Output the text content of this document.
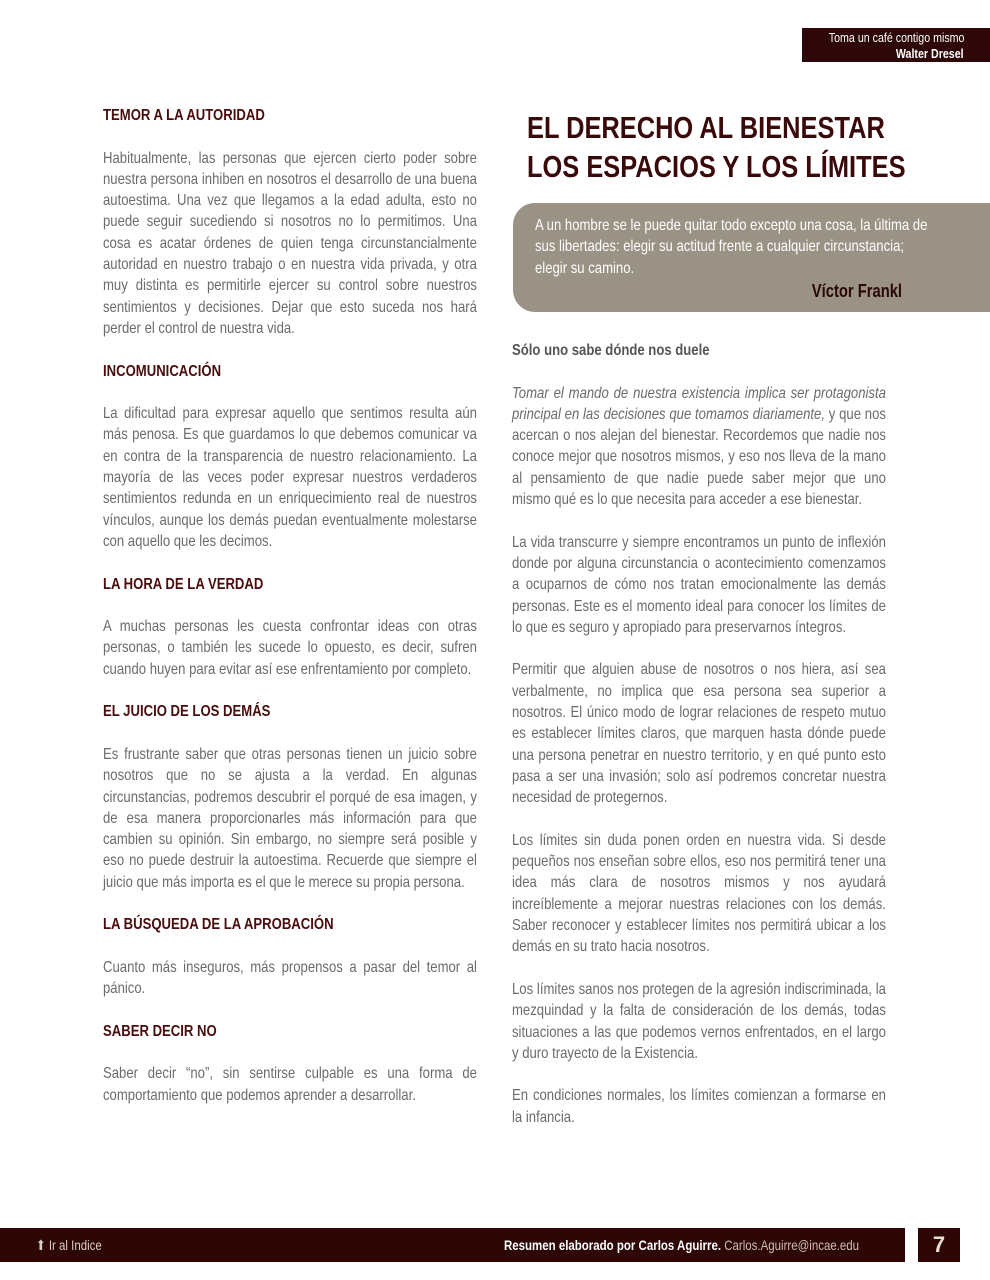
Toma un café contigo mismo
Walter Dresel
TEMOR A LA AUTORIDAD

Habitualmente, las personas que ejercen cierto poder sobre nuestra persona inhiben en nosotros el desarrollo de una buena autoestima. Una vez que llegamos a la edad adulta, esto no puede seguir sucediendo si nosotros no lo permitimos. Una cosa es acatar órdenes de quien tenga circunstancialmente autoridad en nuestro trabajo o en nuestra vida privada, y otra muy distinta es permitirle ejercer su control sobre nuestros sentimientos y decisiones. Dejar que esto suceda nos hará perder el control de nuestra vida.

INCOMUNICACIÓN

La dificultad para expresar aquello que sentimos resulta aún más penosa. Es que guardamos lo que debemos comunicar va en contra de la transparencia de nuestro relacionamiento. La mayoría de las veces poder expresar nuestros verdaderos sentimientos redunda en un enriquecimiento real de nuestros vínculos, aunque los demás puedan eventualmente molestarse con aquello que les decimos.

LA HORA DE LA VERDAD

A muchas personas les cuesta confrontar ideas con otras personas, o también les sucede lo opuesto, es decir, sufren cuando huyen para evitar así ese enfrentamiento por completo.

EL JUICIO DE LOS DEMÁS

Es frustrante saber que otras personas tienen un juicio sobre nosotros que no se ajusta a la verdad. En algunas circunstancias, podremos descubrir el porqué de esa imagen, y de esa manera proporcionarles más información para que cambien su opinión. Sin embargo, no siempre será posible y eso no puede destruir la autoestima. Recuerde que siempre el juicio que más importa es el que le merece su propia persona.

LA BÚSQUEDA DE LA APROBACIÓN

Cuanto más inseguros, más propensos a pasar del temor al pánico.

SABER DECIR NO

Saber decir “no”, sin sentirse culpable es una forma de comportamiento que podemos aprender a desarrollar.

EL DERECHO AL BIENESTAR
LOS ESPACIOS Y LOS LÍMITES
A un hombre se le puede quitar todo excepto una cosa, la última de sus libertades: elegir su actitud frente a cualquier circunstancia; elegir su camino.
Víctor Frankl
Sólo uno sabe dónde nos duele

Tomar el mando de nuestra existencia implica ser protagonista principal en las decisiones que tomamos diariamente, y que nos acercan o nos alejan del bienestar. Recordemos que nadie nos conoce mejor que nosotros mismos, y eso nos lleva de la mano al pensamiento de que nadie puede saber mejor que uno mismo qué es lo que necesita para acceder a ese bienestar.

La vida transcurre y siempre encontramos un punto de inflexión donde por alguna circunstancia o acontecimiento comenzamos a ocuparnos de cómo nos tratan emocionalmente las demás personas. Este es el momento ideal para conocer los límites de lo que es seguro y apropiado para preservarnos íntegros.

Permitir que alguien abuse de nosotros o nos hiera, así sea verbalmente, no implica que esa persona sea superior a nosotros. El único modo de lograr relaciones de respeto mutuo es establecer límites claros, que marquen hasta dónde puede una persona penetrar en nuestro territorio, y en qué punto esto pasa a ser una invasión; solo así podremos concretar nuestra necesidad de protegernos.

Los límites sin duda ponen orden en nuestra vida. Si desde pequeños nos enseñan sobre ellos, eso nos permitirá tener una idea más clara de nosotros mismos y nos ayudará increíblemente a mejorar nuestras relaciones con los demás. Saber reconocer y establecer límites nos permitirá ubicar a los demás en su trato hacia nosotros.

Los límites sanos nos protegen de la agresión indiscriminada, la mezquindad y la falta de consideración de los demás, todas situaciones a las que podemos vernos enfrentados, en el largo y duro trayecto de la Existencia.

En condiciones normales, los límites comienzan a formarse en la infancia.

⬆︎ Ir al Indice	Resumen elaborado por Carlos Aguirre. Carlos.Aguirre@incae.edu	7
